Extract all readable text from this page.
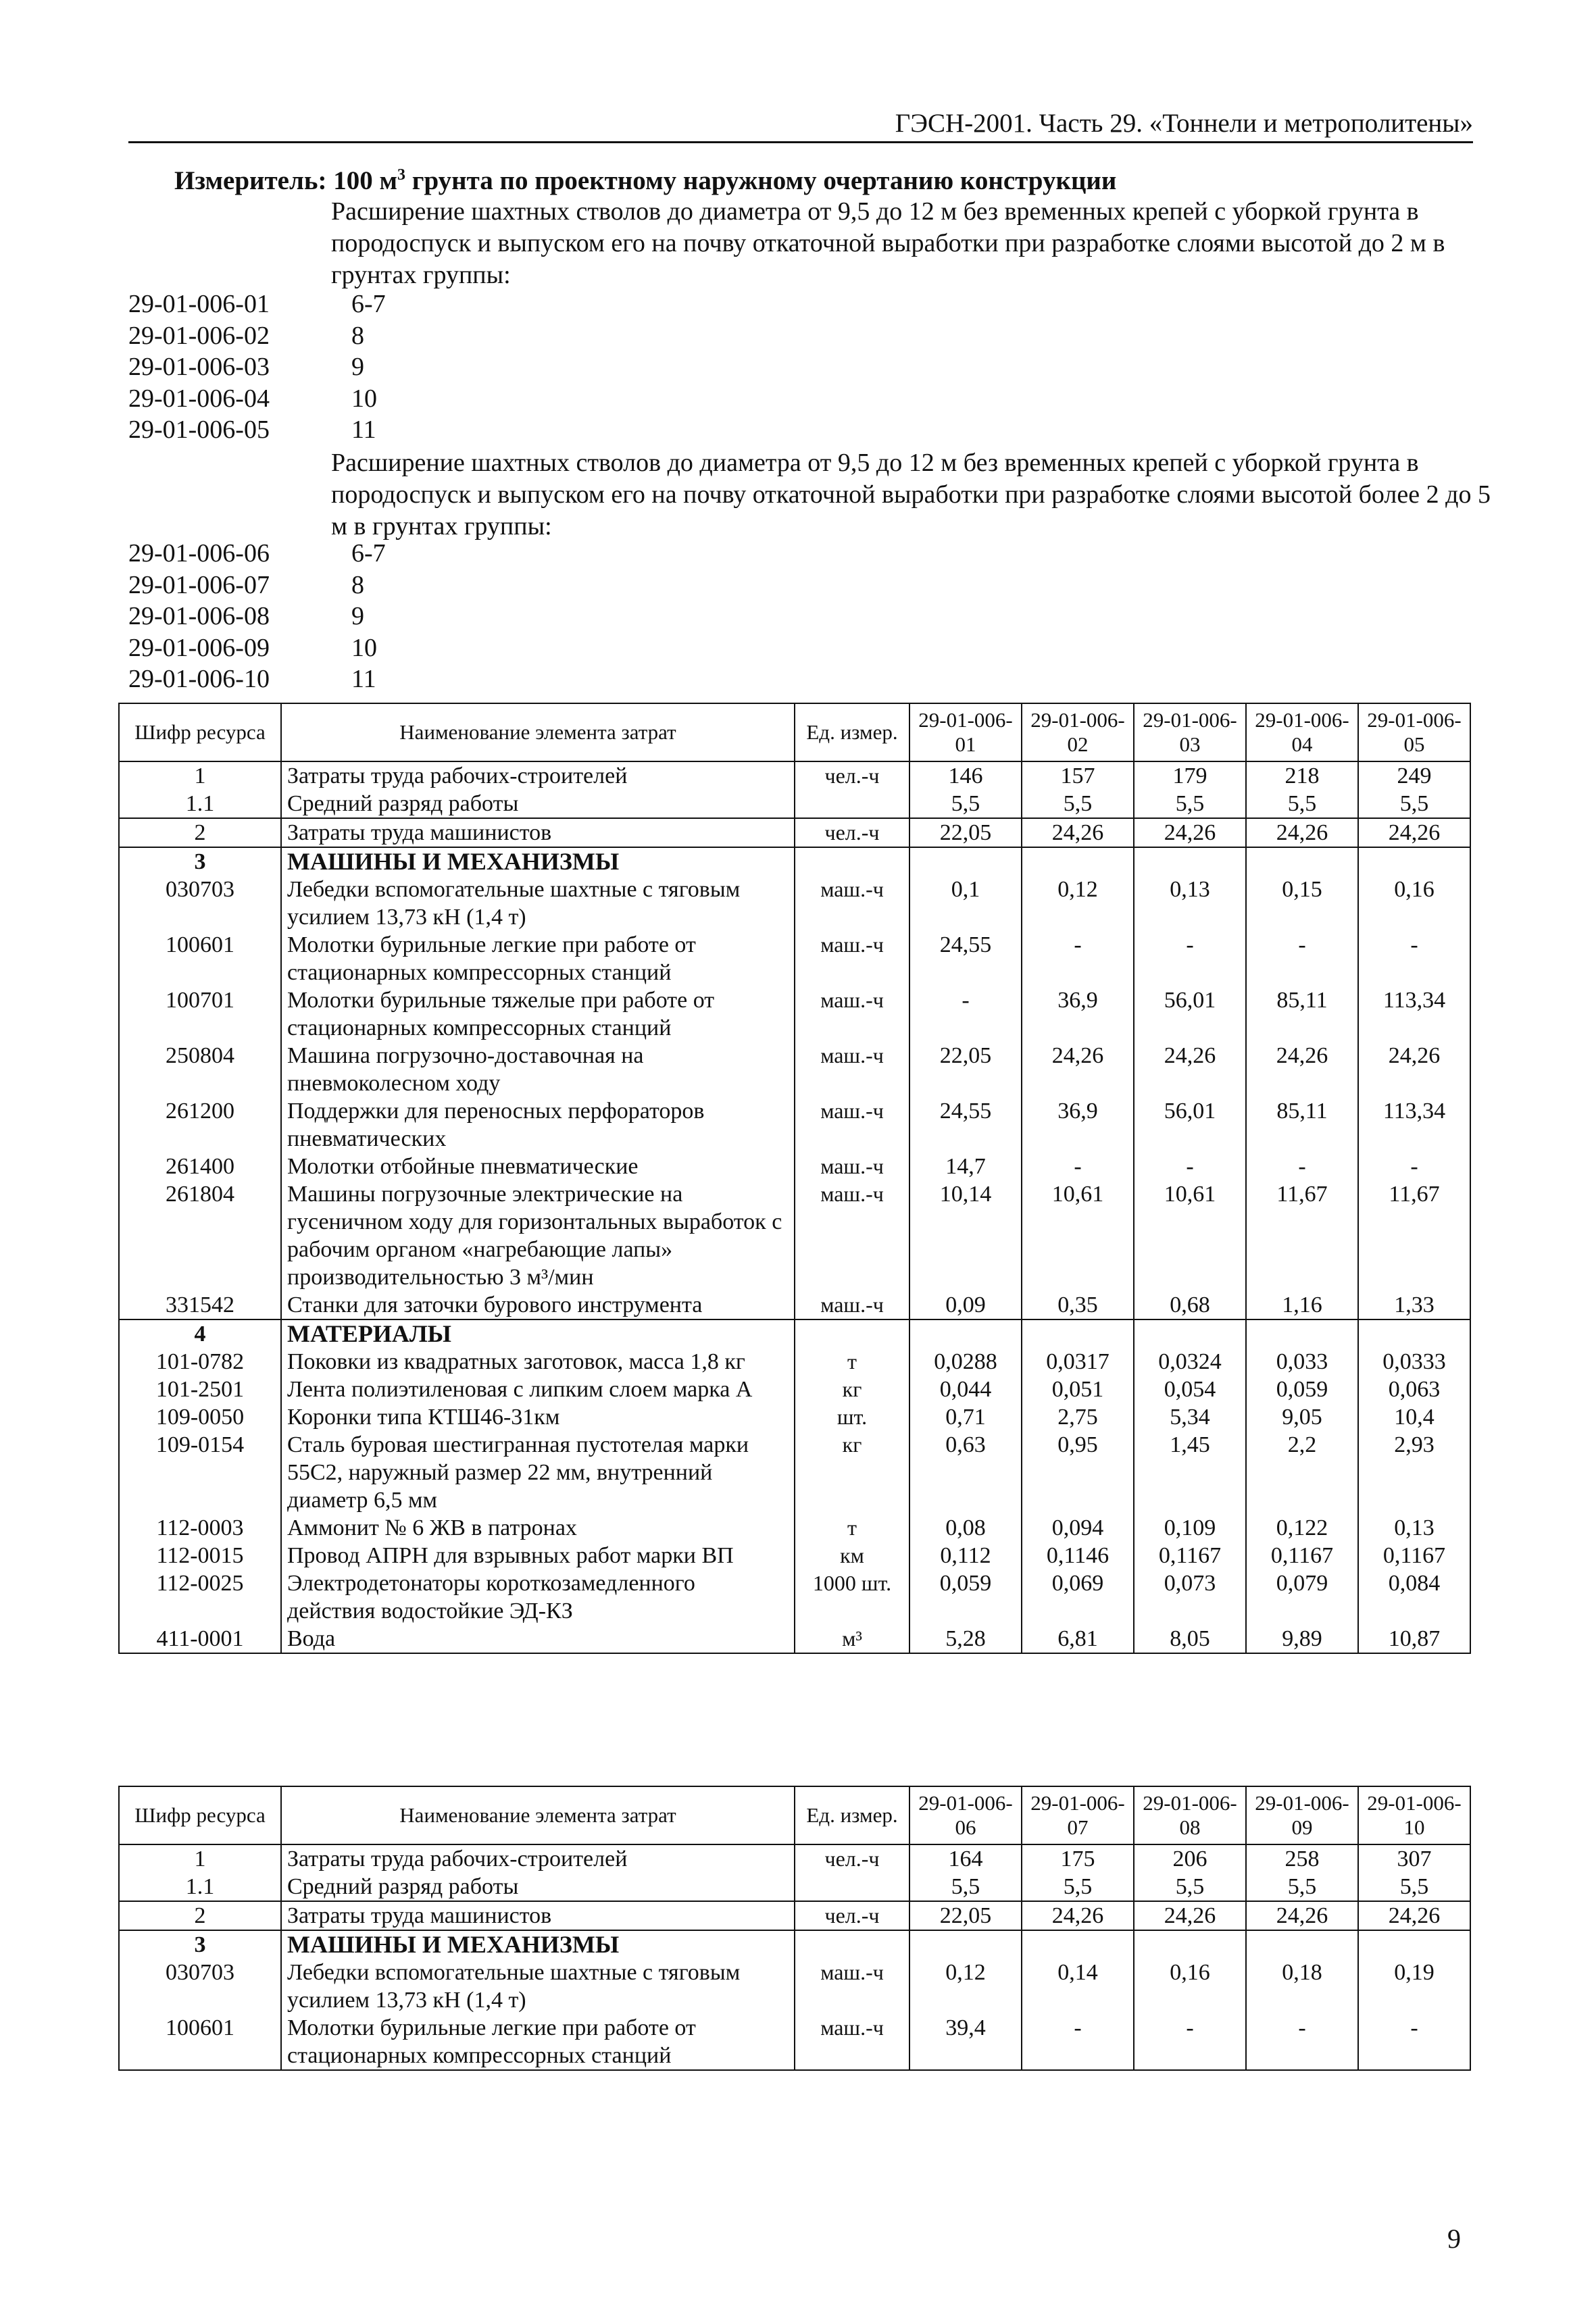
ГЭСН-2001. Часть 29. «Тоннели и метрополитены»
Измеритель: 100 $м^3$ грунта по проектному наружному очертанию конструкции
Расширение шахтных стволов до диаметра от 9,5 до 12 м без временных крепей с уборкой грунта в породоспуск и выпуском его на почву откаточной выработки при разработке слоями высотой до 2 м в грунтах группы:
29-01-006-01	6-7
29-01-006-02	8
29-01-006-03	9
29-01-006-04	10
29-01-006-05	11
Расширение шахтных стволов до диаметра от 9,5 до 12 м без временных крепей с уборкой грунта в породоспуск и выпуском его на почву откаточной выработки при разработке слоями высотой более 2 до 5 м в грунтах группы:
29-01-006-06	6-7
29-01-006-07	8
29-01-006-08	9
29-01-006-09	10
29-01-006-10	11
Шифр ресурса	Наименование элемента затрат	Ед. измер.	29-01-006-01	29-01-006-02	29-01-006-03	29-01-006-04	29-01-006-05
1	Затраты труда рабочих-строителей	чел.-ч	146	157	179	218	249
1.1	Средний разряд работы		5,5	5,5	5,5	5,5	5,5
2	Затраты труда машинистов	чел.-ч	22,05	24,26	24,26	24,26	24,26
3	МАШИНЫ И МЕХАНИЗМЫ						
030703	Лебедки вспомогательные шахтные с тяговым усилием 13,73 кН (1,4 т)	маш.-ч	0,1	0,12	0,13	0,15	0,16
100601	Молотки бурильные легкие при работе от стационарных компрессорных станций	маш.-ч	24,55	-	-	-	-
100701	Молотки бурильные тяжелые при работе от стационарных компрессорных станций	маш.-ч	-	36,9	56,01	85,11	113,34
250804	Машина погрузочно-доставочная на пневмоколесном ходу	маш.-ч	22,05	24,26	24,26	24,26	24,26
261200	Поддержки для переносных перфораторов пневматических	маш.-ч	24,55	36,9	56,01	85,11	113,34
261400	Молотки отбойные пневматические	маш.-ч	14,7	-	-	-	-
261804	Машины погрузочные электрические на гусеничном ходу для горизонтальных выработок с рабочим органом «нагребающие лапы» производительностью 3 м³/мин	маш.-ч	10,14	10,61	10,61	11,67	11,67
331542	Станки для заточки бурового инструмента	маш.-ч	0,09	0,35	0,68	1,16	1,33
4	МАТЕРИАЛЫ						
101-0782	Поковки из квадратных заготовок, масса 1,8 кг	т	0,0288	0,0317	0,0324	0,033	0,0333
101-2501	Лента полиэтиленовая с липким слоем марка А	кг	0,044	0,051	0,054	0,059	0,063
109-0050	Коронки типа КТШ46-31км	шт.	0,71	2,75	5,34	9,05	10,4
109-0154	Сталь буровая шестигранная пустотелая марки 55С2, наружный размер 22 мм, внутренний диаметр 6,5 мм	кг	0,63	0,95	1,45	2,2	2,93
112-0003	Аммонит № 6 ЖВ в патронах	т	0,08	0,094	0,109	0,122	0,13
112-0015	Провод АПРН для взрывных работ марки ВП	км	0,112	0,1146	0,1167	0,1167	0,1167
112-0025	Электродетонаторы короткозамедленного действия водостойкие ЭД-КЗ	1000 шт.	0,059	0,069	0,073	0,079	0,084
411-0001	Вода	м³	5,28	6,81	8,05	9,89	10,87
Шифр ресурса	Наименование элемента затрат	Ед. измер.	29-01-006-06	29-01-006-07	29-01-006-08	29-01-006-09	29-01-006-10
1	Затраты труда рабочих-строителей	чел.-ч	164	175	206	258	307
1.1	Средний разряд работы		5,5	5,5	5,5	5,5	5,5
2	Затраты труда машинистов	чел.-ч	22,05	24,26	24,26	24,26	24,26
3	МАШИНЫ И МЕХАНИЗМЫ						
030703	Лебедки вспомогательные шахтные с тяговым усилием 13,73 кН (1,4 т)	маш.-ч	0,12	0,14	0,16	0,18	0,19
100601	Молотки бурильные легкие при работе от стационарных компрессорных станций	маш.-ч	39,4	-	-	-	-
9
